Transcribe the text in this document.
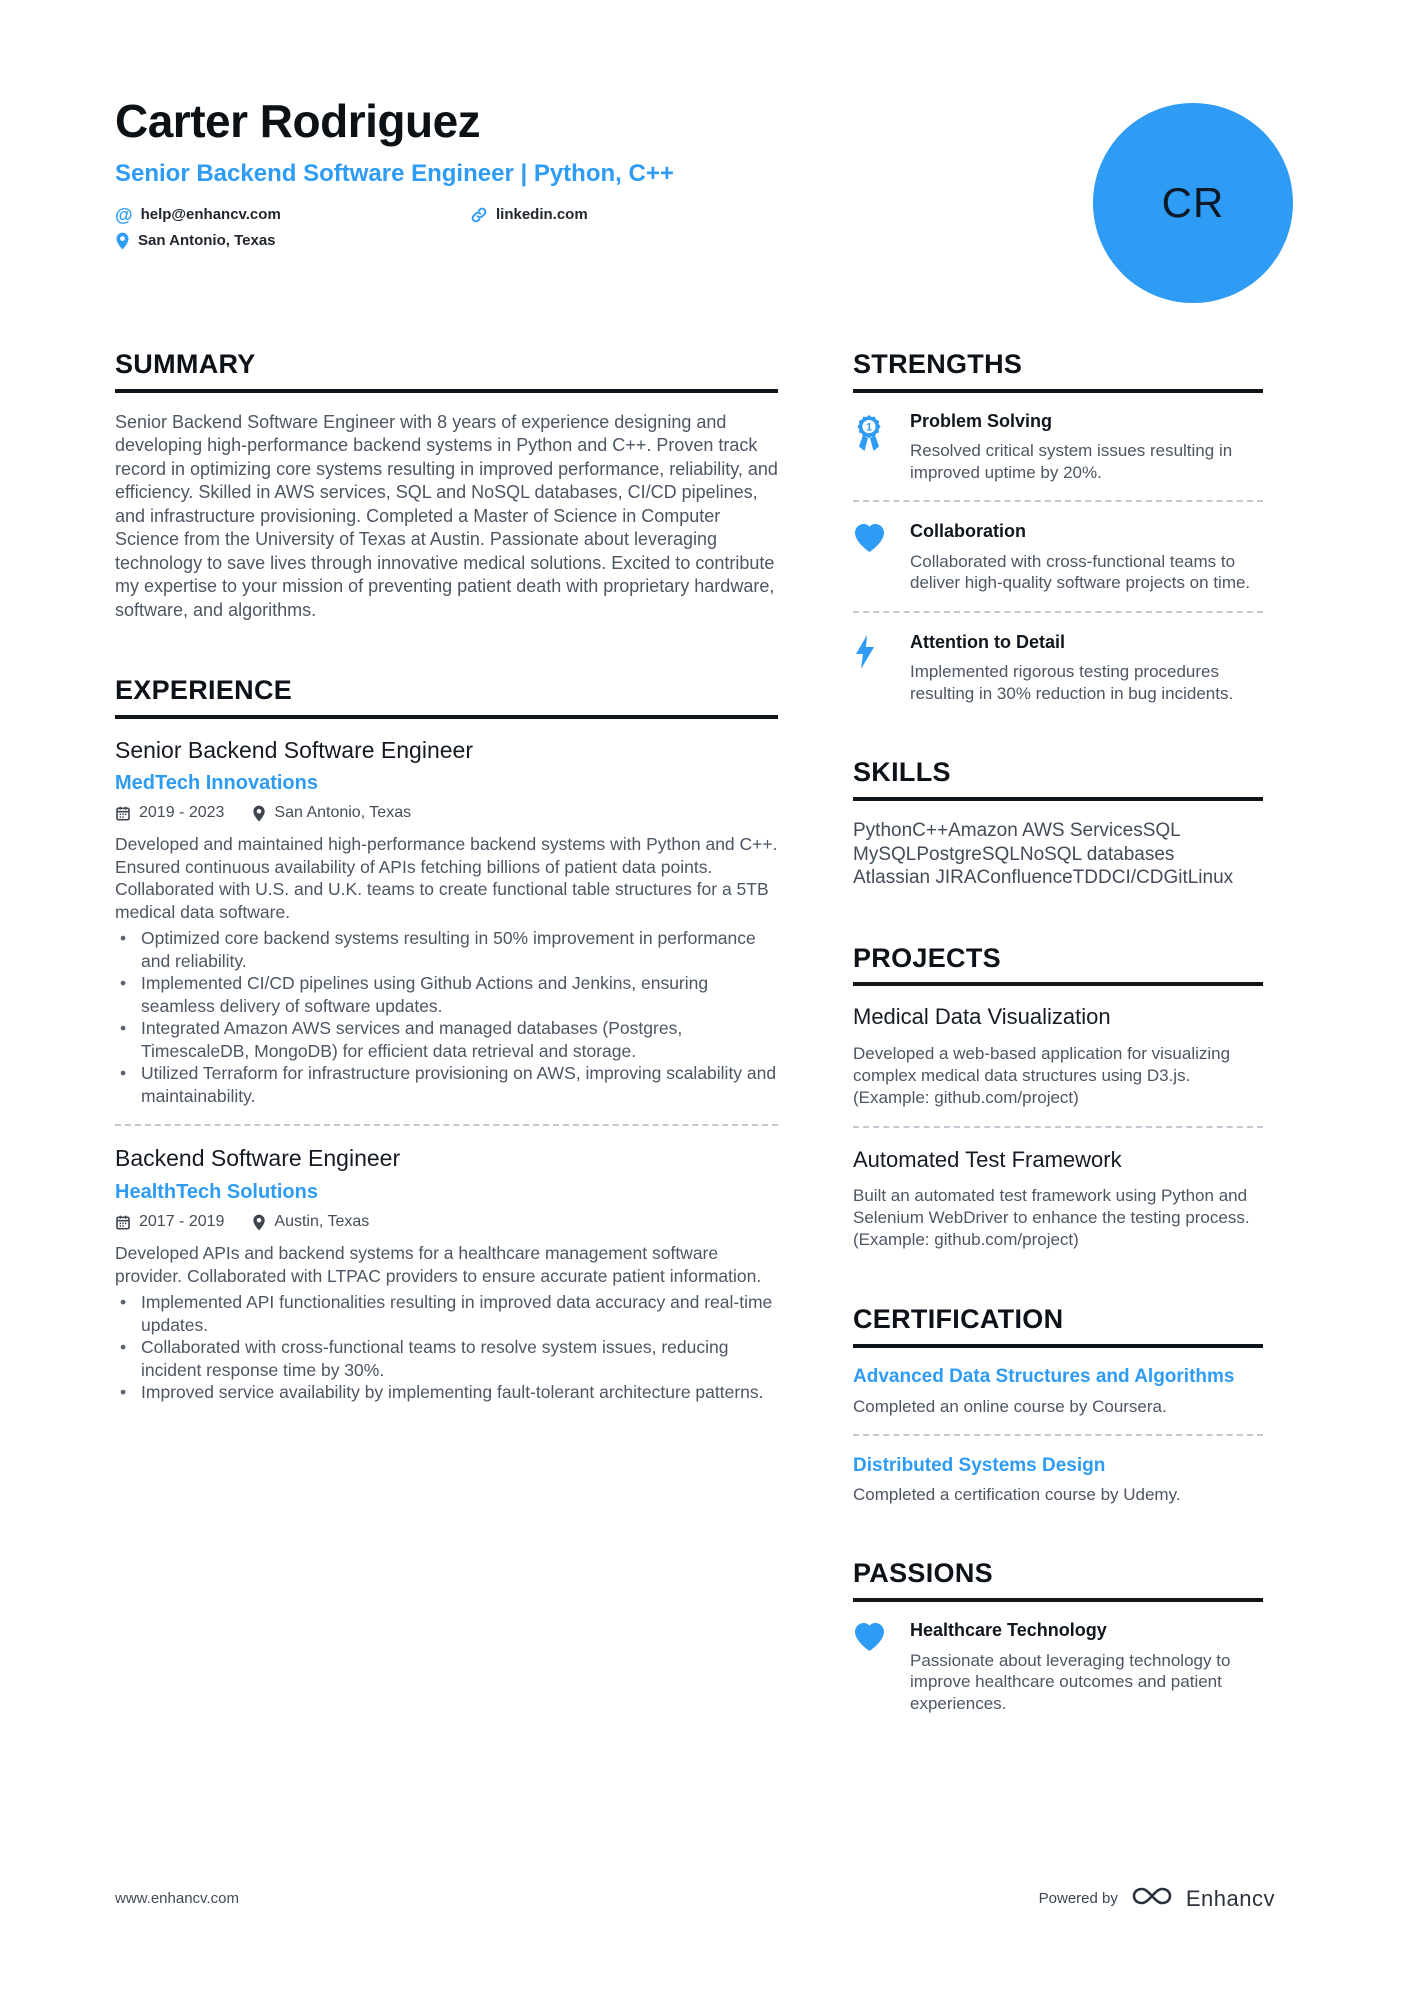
Carter Rodriguez
Senior Backend Software Engineer | Python, C++
@ help@enhancv.com	linkedin.com
San Antonio, Texas
CR
SUMMARY

Senior Backend Software Engineer with 8 years of experience designing and developing high-performance backend systems in Python and C++. Proven track record in optimizing core systems resulting in improved performance, reliability, and efficiency. Skilled in AWS services, SQL and NoSQL databases, CI/CD pipelines, and infrastructure provisioning. Completed a Master of Science in Computer Science from the University of Texas at Austin. Passionate about leveraging technology to save lives through innovative medical solutions. Excited to contribute my expertise to your mission of preventing patient death with proprietary hardware, software, and algorithms.

EXPERIENCE
Senior Backend Software Engineer
MedTech Innovations
2019 - 2023	San Antonio, Texas

Developed and maintained high-performance backend systems with Python and C++. Ensured continuous availability of APIs fetching billions of patient data points. Collaborated with U.S. and U.K. teams to create functional table structures for a 5TB medical data software.

• Optimized core backend systems resulting in 50% improvement in performance and reliability.
• Implemented CI/CD pipelines using Github Actions and Jenkins, ensuring seamless delivery of software updates.
• Integrated Amazon AWS services and managed databases (Postgres, TimescaleDB, MongoDB) for efficient data retrieval and storage.
• Utilized Terraform for infrastructure provisioning on AWS, improving scalability and maintainability.
Backend Software Engineer
HealthTech Solutions
2017 - 2019	Austin, Texas

Developed APIs and backend systems for a healthcare management software provider. Collaborated with LTPAC providers to ensure accurate patient information.

• Implemented API functionalities resulting in improved data accuracy and real-time updates.
• Collaborated with cross-functional teams to resolve system issues, reducing incident response time by 30%.
• Improved service availability by implementing fault-tolerant architecture patterns.
STRENGTHS
1 Problem Solving
Resolved critical system issues resulting in improved uptime by 20%.
Collaboration
Collaborated with cross-functional teams to deliver high-quality software projects on time.
Attention to Detail
Implemented rigorous testing procedures resulting in 30% reduction in bug incidents.
SKILLS
PythonC++Amazon AWS ServicesSQL
MySQLPostgreSQLNoSQL databases
Atlassian JIRAConfluenceTDDCI/CDGitLinux
PROJECTS
Medical Data Visualization
Developed a web-based application for visualizing complex medical data structures using D3.js. (Example: github.com/project)
Automated Test Framework
Built an automated test framework using Python and Selenium WebDriver to enhance the testing process. (Example: github.com/project)
CERTIFICATION
Advanced Data Structures and Algorithms
Completed an online course by Coursera.
Distributed Systems Design
Completed a certification course by Udemy.
PASSIONS
Healthcare Technology
Passionate about leveraging technology to improve healthcare outcomes and patient experiences.
www.enhancv.com	Powered by	Enhancv
